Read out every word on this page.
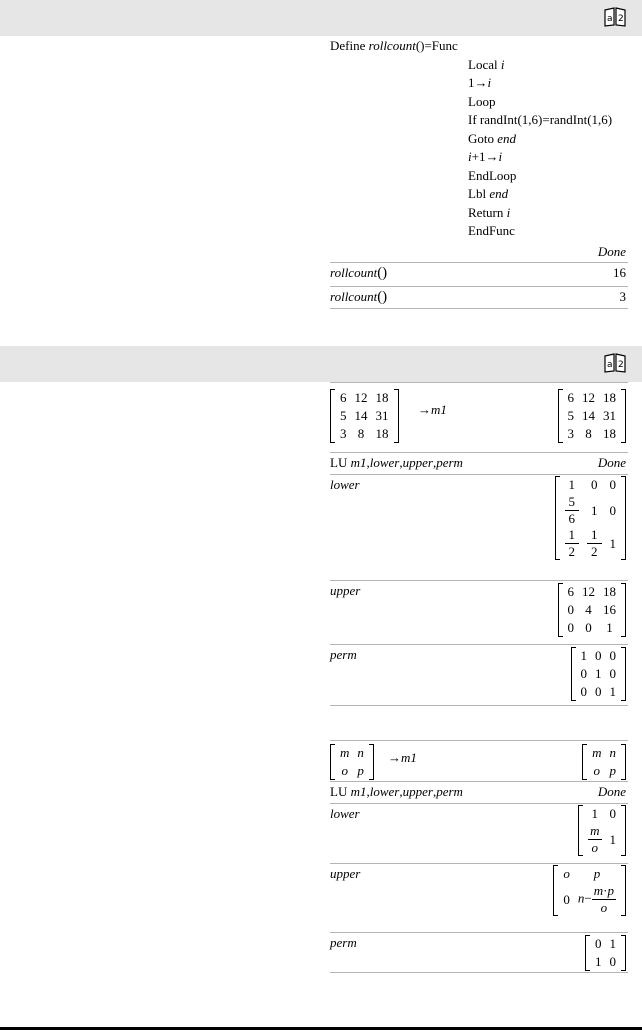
a 2
Define rollcount()=Func
Local i
1→i
Loop
If randInt(1,6)=randInt(1,6)
Goto end
i+1→i
EndLoop
Lbl end
Return i
EndFunc
Done
rollcount()	16
rollcount()	3
a 2
6	12	18
5	14	31
3	8	18
→m1
6	12	18
5	14	31
3	8	18
LU m1,lower,upper,perm	Done
lower	1	0	0

$\frac{5}{6}$	1	0

$\frac{1}{2}$	$\frac{1}{2}$	1
upper	6	12	18
0	4	16
0	0	1
perm	1	0	0
0	1	0
0	0	1
m	n
o	p
→m1	m	n
o	p
LU m1,lower,upper,perm	Done
lower	1	0

$\frac{m}{o}$	1
upper	o	p
0	$n- \frac{m\cdot p}{o}$
perm	0	1
1	0
